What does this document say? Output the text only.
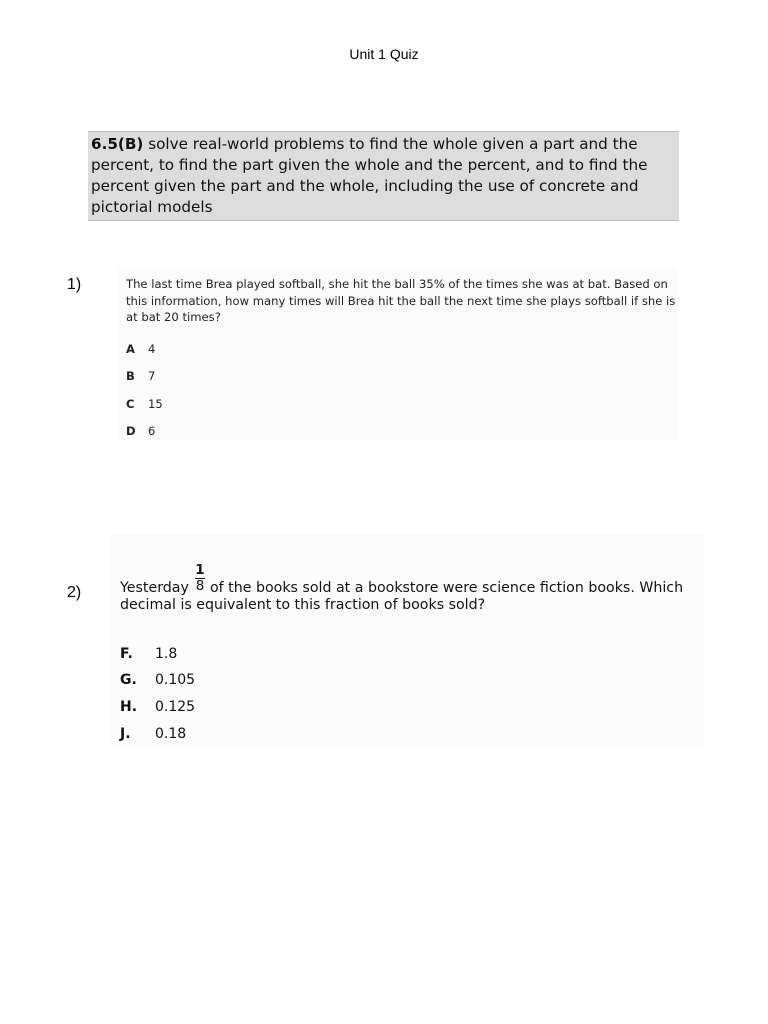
Unit 1 Quiz
6.5(B) solve real-world problems to find the whole given a part and the percent, to find the part given the whole and the percent, and to find the percent given the part and the whole, including the use of concrete and pictorial models
1)	The last time Brea played softball, she hit the ball 35% of the times she was at bat. Based on this information, how many times will Brea hit the ball the next time she plays softball if she is at bat 20 times?
A 4
B 7
C 15
D 6
2)	Yesterday
1
8 of the books sold at a bookstore were science fiction books. Which
decimal is equivalent to this fraction of books sold?
F. 1.8
G. 0.105
H. 0.125
J. 0.18
